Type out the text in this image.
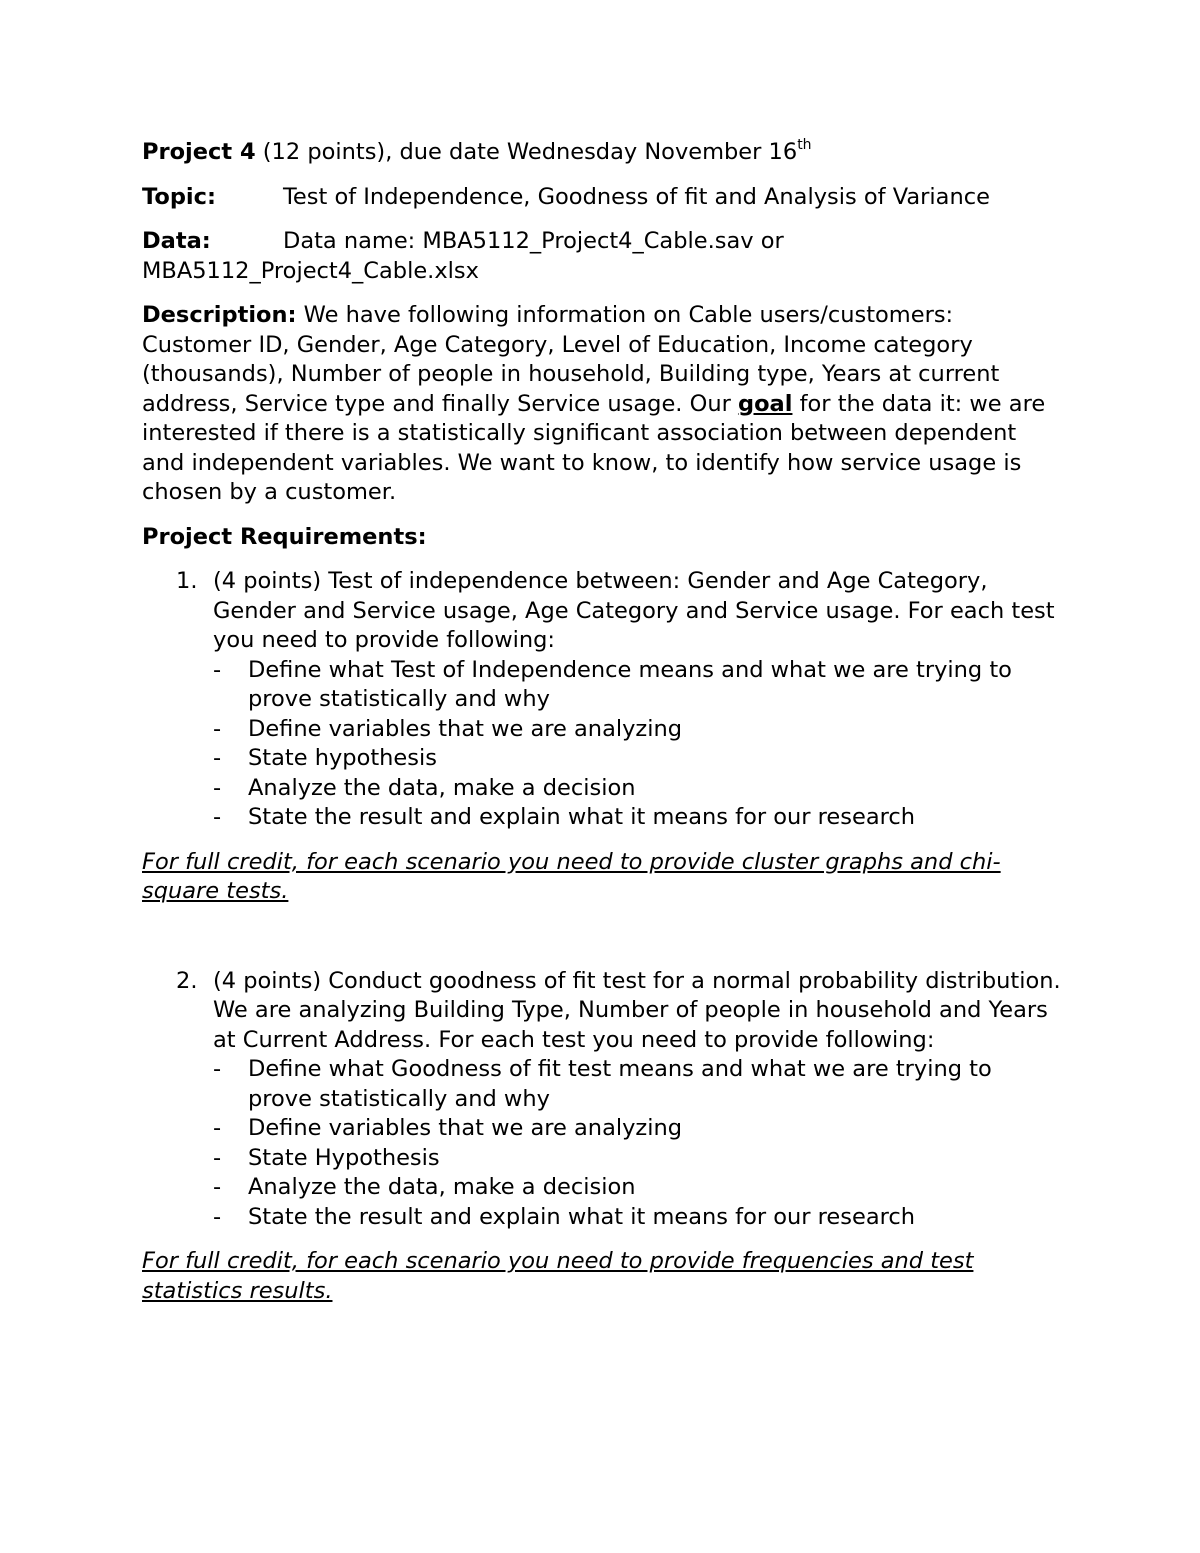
Project 4 (12 points), due date Wednesday November 16th

Topic:	Test of Independence, Goodness of fit and Analysis of Variance

Data:	Data name: MBA5112_Project4_Cable.sav or

MBA5112_Project4_Cable.xlsx

Description: We have following information on Cable users/customers: Customer ID, Gender, Age Category, Level of Education, Income category (thousands), Number of people in household, Building type, Years at current address, Service type and finally Service usage. Our goal for the data it: we are interested if there is a statistically significant association between dependent and independent variables. We want to know, to identify how service usage is chosen by a customer.

Project Requirements:

1. (4 points) Test of independence between: Gender and Age Category, Gender and Service usage, Age Category and Service usage. For each test you need to provide following:

- Define what Test of Independence means and what we are trying to prove statistically and why
- Define variables that we are analyzing
- State hypothesis
- Analyze the data, make a decision
- State the result and explain what it means for our research

For full credit, for each scenario you need to provide cluster graphs and chi-square tests.

2. (4 points) Conduct goodness of fit test for a normal probability distribution. We are analyzing Building Type, Number of people in household and Years at Current Address. For each test you need to provide following:

- Define what Goodness of fit test means and what we are trying to prove statistically and why
- Define variables that we are analyzing
- State Hypothesis
- Analyze the data, make a decision
- State the result and explain what it means for our research

For full credit, for each scenario you need to provide frequencies and test statistics results.
